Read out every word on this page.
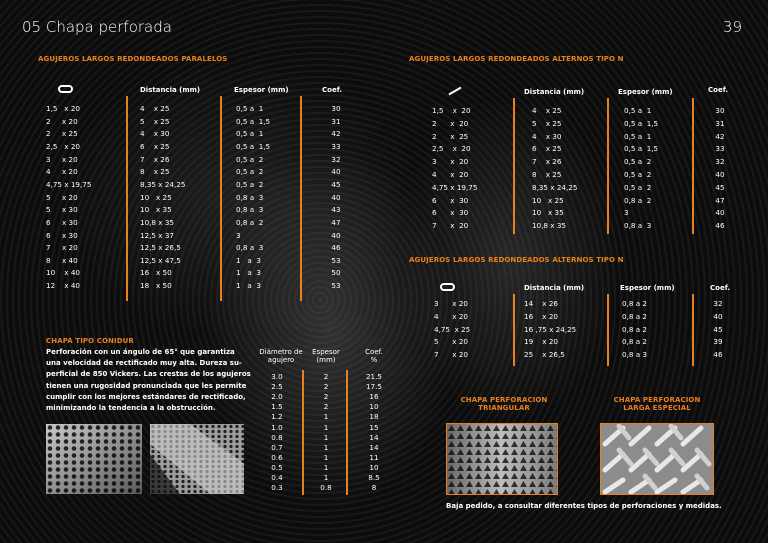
05 Chapa perforada	39
AGUJEROS LARGOS REDONDEADOS PARALELOS
Distancia (mm)	Espesor (mm)	Coef.
1,5   x 20	4    x 25	0,5 a  1	30
2     x 20	5    x 25	0,5 a  1,5	31
2     x 25	4    x 30	0,5 a  1	42
2,5   x 20	6    x 25	0,5 a  1,5	33
3     x 20	7    x 26	0,5 a  2	32
4     x 20	8    x 25	0,5 a  2	40
4,75 x 19,75	8,35 x 24,25	0,5 a  2	45
5     x 20	10   x 25	0,8 a  3	40
5     x 30	10   x 35	0,8 a  3	43
6     x 30	10,8 x 35	0,8 a  2	47
6     x 30	12,5 x 37	3	40
7     x 20	12,5 x 26,5	0,8 a  3	46
8     x 40	12,5 x 47,5	1   a  3	53
10    x 40	16   x 50	1   a  3	50
12    x 40	18   x 50	1   a  3	53
AGUJEROS LARGOS REDONDEADOS ALTERNOS TIPO N
Distancia (mm)	Espesor (mm)	Coef.
1,5    x  20	4    x 25	0,5 a  1	30
2      x  20	5    x 25	0,5 a  1,5	31
2      x  25	4    x 30	0,5 a  1	42
2,5    x  20	6    x 25	0,5 a  1,5	33
3      x  20	7    x 26	0,5 a  2	32
4      x  20	8    x 25	0,5 a  2	40
4,75 x 19,75	8,35 x 24,25	0,5 a  2	45
6      x  30	10   x 25	0,8 a  2	47
6      x  30	10   x 35	3	40
7      x  20	10,8 x 35	0,8 a  3	46
AGUJEROS LARGOS REDONDEADOS ALTERNOS TIPO N
Distancia (mm)	Espesor (mm)	Coef.
3      x 20	14    x 26	0,8 a 2	32
4      x 20	16    x 20	0,8 a 2	40
4,75  x 25	16 ,75 x 24,25	0,8 a 2	45
5      x 20	19    x 20	0,8 a 2	39
7      x 20	25    x 26,5	0,8 a 3	46
CHAPA TIPO CONIDUR
Perforación con un ángulo de 65° que garantiza
una velocidad de rectificado muy alta. Dureza su-
perficial de 850 Vickers. Las crestas de los agujeros
tienen una rugosidad pronunciada que les permite
cumplir con los mejores estándares de rectificado,
minimizando la tendencia a la obstrucción.
Diámetro de
agujero
Espesor
(mm)
Coef.
%
3.0	2	21.5
2.5	2	17.5
2.0	2	16
1.5	2	10
1.2	1	18
1.0	1	15
0.8	1	14
0.7	1	14
0.6	1	11
0.5	1	10
0.4	1	8.5
0.3	0.8	8
CHAPA PERFORACION
TRIANGULAR
CHAPA PERFORACION
LARGA ESPECIAL
Baja pedido, a consultar diferentes tipos de perforaciones y medidas.
